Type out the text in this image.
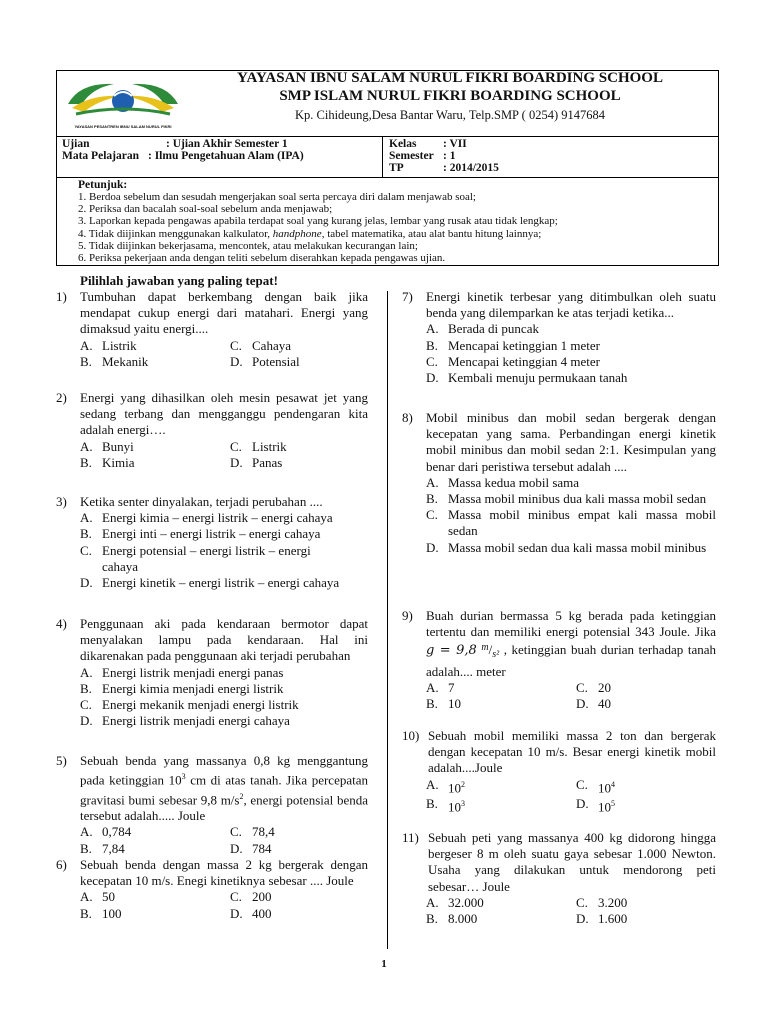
YAYASAN PESANTREN IBNU SALAM NURUL FIKRI
YAYASAN IBNU SALAM NURUL FIKRI BOARDING SCHOOL
SMP ISLAM NURUL FIKRI BOARDING SCHOOL
Kp. Cihideung,Desa Bantar Waru, Telp.SMP ( 0254) 9147684
Ujian	: Ujian Akhir Semester 1
Mata Pelajaran : Ilmu Pengetahuan Alam (IPA)
Kelas : VII
Semester : 1
TP	: 2014/2015
Petunjuk:
1. Berdoa sebelum dan sesudah mengerjakan soal serta percaya diri dalam menjawab soal;
2. Periksa dan bacalah soal-soal sebelum anda menjawab;
3. Laporkan kepada pengawas apabila terdapat soal yang kurang jelas, lembar yang rusak atau tidak lengkap;
4. Tidak diijinkan menggunakan kalkulator, handphone, tabel matematika, atau alat bantu hitung lainnya;
5. Tidak diijinkan bekerjasama, mencontek, atau melakukan kecurangan lain;
6. Periksa pekerjaan anda dengan teliti sebelum diserahkan kepada pengawas ujian.
Pilihlah jawaban yang paling tepat!
1)	Tumbuhan dapat berkembang dengan baik jika mendapat cukup energi dari matahari. Energi yang dimaksud yaitu energi....
A. Listrik	C. Cahaya
B. Mekanik	D. Potensial
2)	Energi yang dihasilkan oleh mesin pesawat jet yang sedang terbang dan mengganggu pendengaran kita adalah energi….
A. Bunyi	C. Listrik
B. Kimia	D. Panas
3)	Ketika senter dinyalakan, terjadi perubahan ....
A. Energi kimia – energi listrik – energi cahaya
B. Energi inti – energi listrik – energi cahaya
C. Energi potensial – energi listrik – energi cahaya
D. Energi kinetik – energi listrik – energi cahaya
4)	Penggunaan aki pada kendaraan bermotor dapat menyalakan lampu pada kendaraan. Hal ini dikarenakan pada penggunaan aki terjadi perubahan
A. Energi listrik menjadi energi panas
B. Energi kimia menjadi energi listrik
C. Energi mekanik menjadi energi listrik
D. Energi listrik menjadi energi cahaya
5)	Sebuah benda yang massanya 0,8 kg menggantung pada ketinggian $10^3$ cm di atas tanah. Jika percepatan gravitasi bumi sebesar 9,8 $m/s^2$, energi potensial benda tersebut adalah..... Joule
A. 0,784	C. 78,4
B. 7,84	D. 784
6)	Sebuah benda dengan massa 2 kg bergerak dengan kecepatan 10 m/s. Enegi kinetiknya sebesar .... Joule
A. 50	C. 200
B. 100	D. 400
7)	Energi kinetik terbesar yang ditimbulkan oleh suatu benda yang dilemparkan ke atas terjadi ketika...
A. Berada di puncak
B. Mencapai ketinggian 1 meter
C. Mencapai ketinggian 4 meter
D. Kembali menuju permukaan tanah
8)	Mobil minibus dan mobil sedan bergerak dengan kecepatan yang sama. Perbandingan energi kinetik mobil minibus dan mobil sedan 2:1. Kesimpulan yang benar dari peristiwa tersebut adalah ....
A. Massa kedua mobil sama
B. Massa mobil minibus dua kali massa mobil sedan
C. Massa mobil minibus empat kali massa mobil sedan
D. Massa mobil sedan dua kali massa mobil minibus
9)	Buah durian bermassa 5 kg berada pada ketinggian tertentu dan memiliki energi potensial 343 Joule. Jika g = 9,8 $^m/_{s^2}$ , ketinggian buah durian terhadap tanah adalah.... meter
A. 7	C. 20
B. 10	D. 40
10) Sebuah mobil memiliki massa 2 ton dan bergerak dengan kecepatan 10 m/s. Besar energi kinetik mobil adalah....Joule
A. $10^2$	C. $10^4$
B. $10^3$	D. $10^5$
11) Sebuah peti yang massanya 400 kg didorong hingga bergeser 8 m oleh suatu gaya sebesar 1.000 Newton. Usaha yang dilakukan untuk mendorong peti sebesar… Joule
A. 32.000	C. 3.200
B. 8.000	D. 1.600
1
